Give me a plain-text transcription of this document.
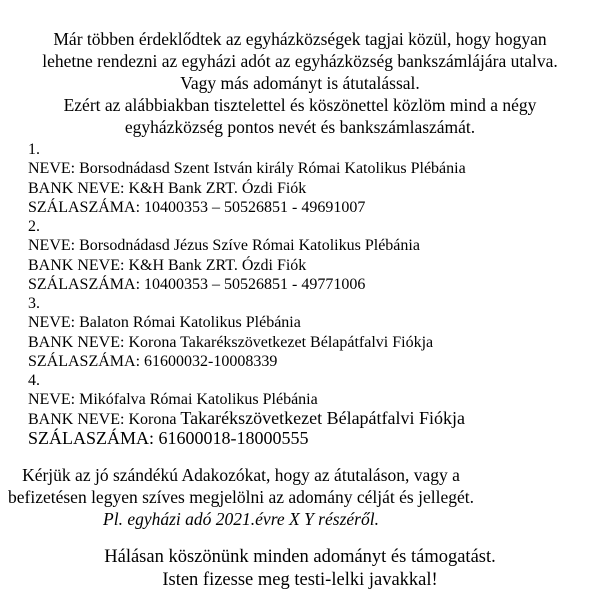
Már többen érdeklődtek az egyházközségek tagjai közül, hogy hogyan
lehetne rendezni az egyházi adót az egyházközség bankszámlájára utalva.
Vagy más adományt is átutalással.
Ezért az alábbiakban tisztelettel és köszönettel közlöm mind a négy
egyházközség pontos nevét és bankszámlaszámát.
1.
NEVE: Borsodnádasd Szent István király Római Katolikus Plébánia
BANK NEVE: K&H Bank ZRT. Ózdi Fiók
SZÁLASZÁMA: 10400353 – 50526851 - 49691007
2.
NEVE: Borsodnádasd Jézus Szíve Római Katolikus Plébánia
BANK NEVE: K&H Bank ZRT. Ózdi Fiók
SZÁLASZÁMA: 10400353 – 50526851 - 49771006
3.
NEVE: Balaton Római Katolikus Plébánia
BANK NEVE: Korona Takarékszövetkezet Bélapátfalvi Fiókja
SZÁLASZÁMA: 61600032-10008339
4.
NEVE: Mikófalva Római Katolikus Plébánia
BANK NEVE: Korona Takarékszövetkezet Bélapátfalvi Fiókja
SZÁLASZÁMA: 61600018-18000555
Kérjük az jó szándékú Adakozókat, hogy az átutaláson, vagy a
befizetésen legyen szíves megjelölni az adomány célját és jellegét.
Pl. egyházi adó 2021.évre X Y részéről.
Hálásan köszönünk minden adományt és támogatást.
Isten fizesse meg testi-lelki javakkal!
